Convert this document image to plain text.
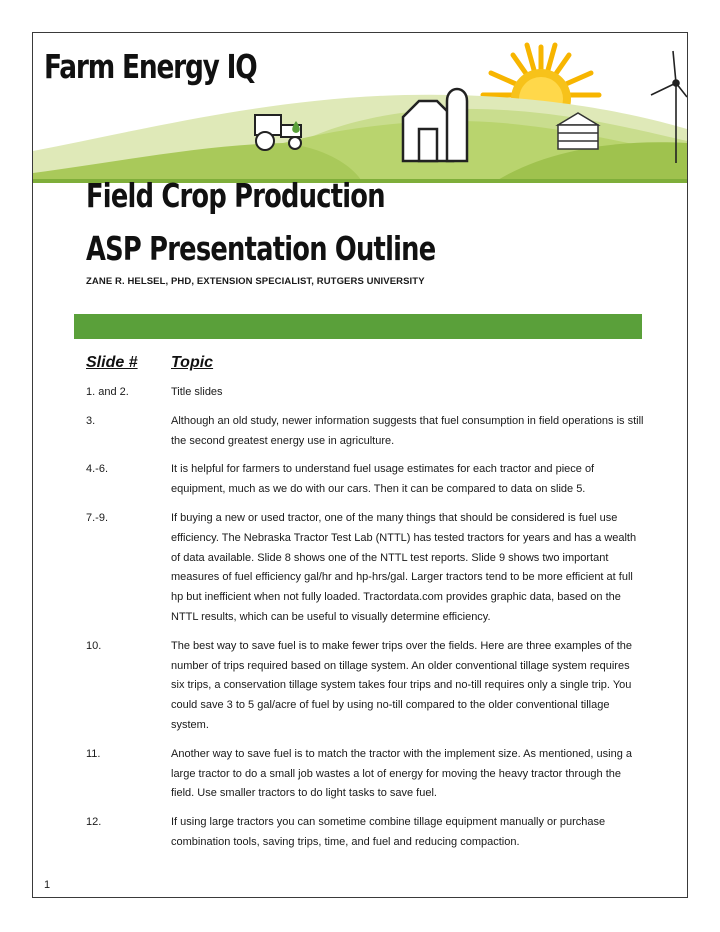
Farm Energy IQ
Field Crop Production
ASP Presentation Outline

ZANE R. HELSEL, PHD, EXTENSION SPECIALIST, RUTGERS UNIVERSITY

Slide # Topic

1. and 2.	Title slides
3.	Although an old study, newer information suggests that fuel consumption in field operations is still the second greatest energy use in agriculture.
4.-6.	It is helpful for farmers to understand fuel usage estimates for each tractor and piece of equipment, much as we do with our cars. Then it can be compared to data on slide 5.
7.-9.	If buying a new or used tractor, one of the many things that should be considered is fuel use efficiency. The Nebraska Tractor Test Lab (NTTL) has tested tractors for years and has a wealth of data available. Slide 8 shows one of the NTTL test reports. Slide 9 shows two important measures of fuel efficiency gal/hr and hp-hrs/gal. Larger tractors tend to be more efficient at full hp but inefficient when not fully loaded. Tractordata.com provides graphic data, based on the NTTL results, which can be useful to visually determine efficiency.
10.	The best way to save fuel is to make fewer trips over the fields. Here are three examples of the number of trips required based on tillage system. An older conventional tillage system requires six trips, a conservation tillage system takes four trips and no-till requires only a single trip. You could save 3 to 5 gal/acre of fuel by using no-till compared to the older conventional tillage system.
11.	Another way to save fuel is to match the tractor with the implement size. As mentioned, using a large tractor to do a small job wastes a lot of energy for moving the heavy tractor through the field. Use smaller tractors to do light tasks to save fuel.
12.	If using large tractors you can sometime combine tillage equipment manually or purchase combination tools, saving trips, time, and fuel and reducing compaction.

1
